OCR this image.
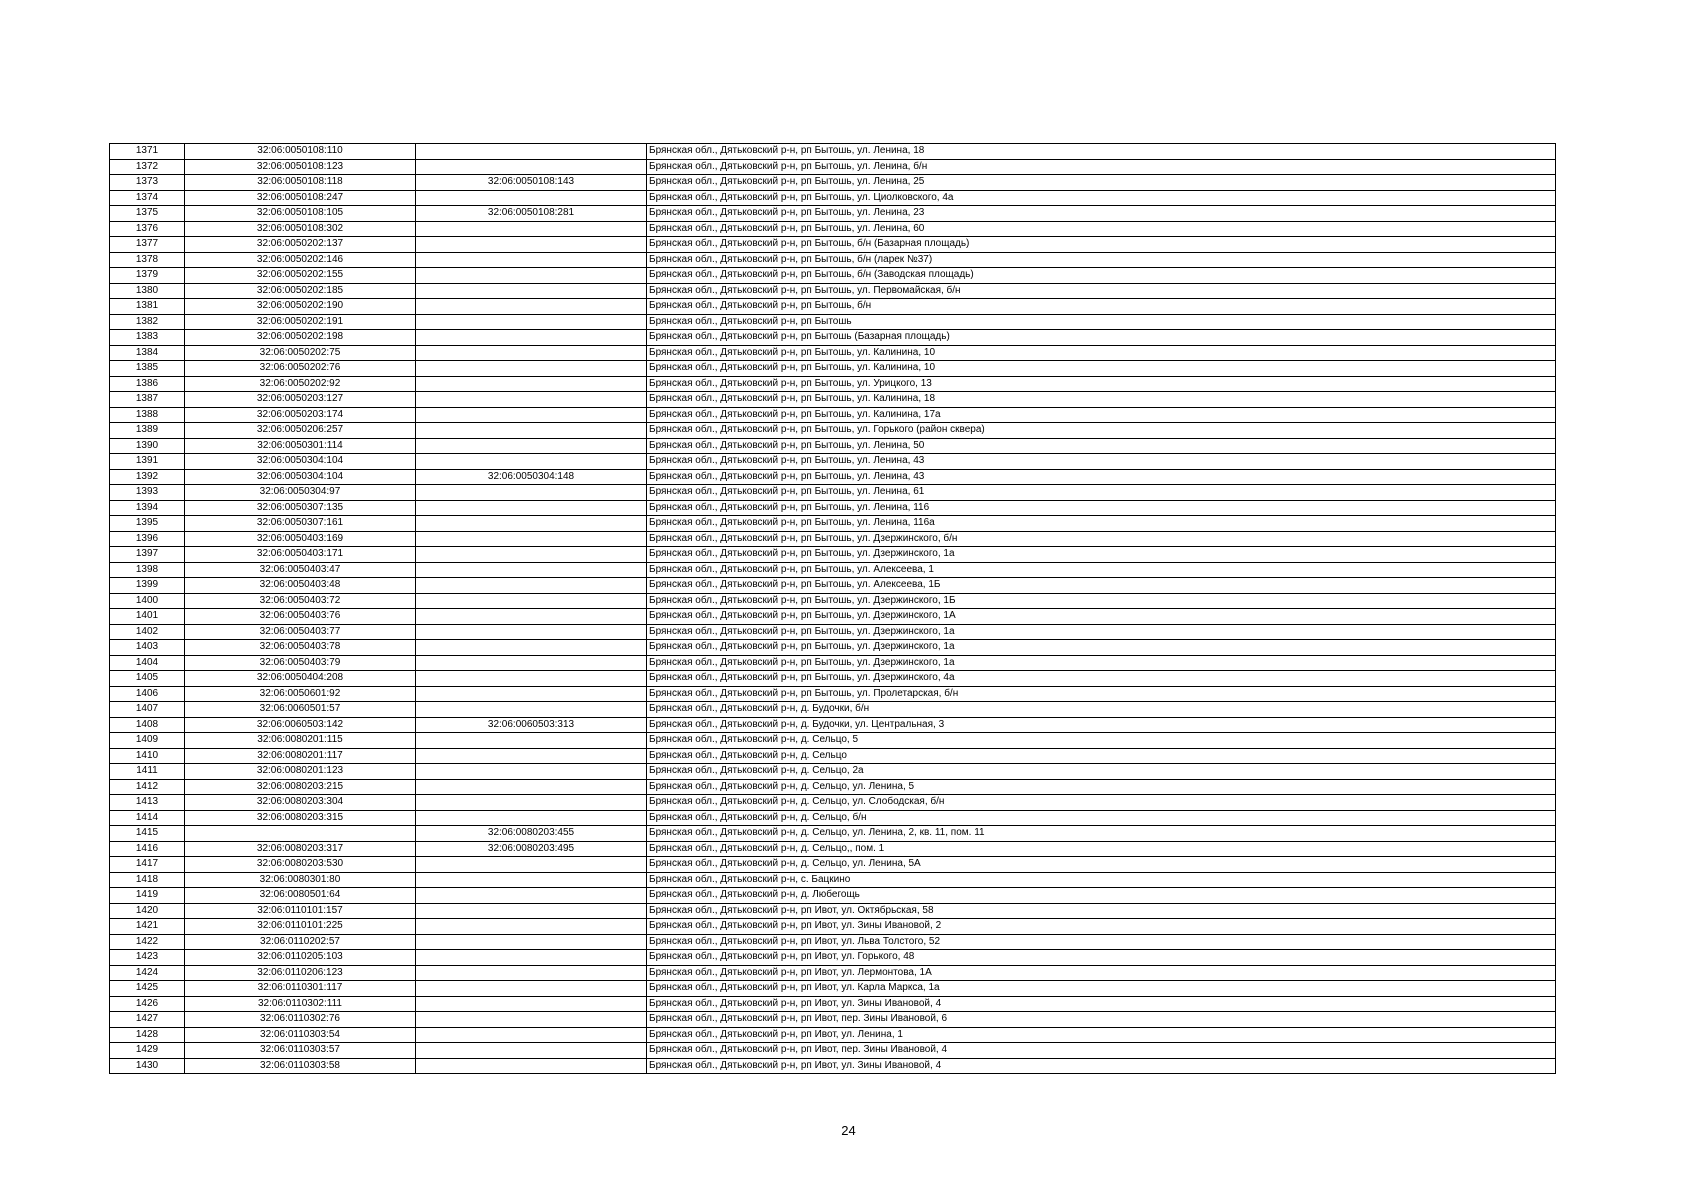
1371	32:06:0050108:110		Брянская обл., Дятьковский р-н, рп Бытошь, ул. Ленина, 18
1372	32:06:0050108:123		Брянская обл., Дятьковский р-н, рп Бытошь, ул. Ленина, б/н
1373	32:06:0050108:118	32:06:0050108:143	Брянская обл., Дятьковский р-н, рп Бытошь, ул. Ленина, 25
1374	32:06:0050108:247		Брянская обл., Дятьковский р-н, рп Бытошь, ул. Циолковского, 4а
1375	32:06:0050108:105	32:06:0050108:281	Брянская обл., Дятьковский р-н, рп Бытошь, ул. Ленина, 23
1376	32:06:0050108:302		Брянская обл., Дятьковский р-н, рп Бытошь, ул. Ленина, 60
1377	32:06:0050202:137		Брянская обл., Дятьковский р-н, рп Бытошь, б/н (Базарная площадь)
1378	32:06:0050202:146		Брянская обл., Дятьковский р-н, рп Бытошь, б/н (ларек №37)
1379	32:06:0050202:155		Брянская обл., Дятьковский р-н, рп Бытошь, б/н (Заводская площадь)
1380	32:06:0050202:185		Брянская обл., Дятьковский р-н, рп Бытошь, ул. Первомайская, б/н
1381	32:06:0050202:190		Брянская обл., Дятьковский р-н, рп Бытошь, б/н
1382	32:06:0050202:191		Брянская обл., Дятьковский р-н, рп Бытошь
1383	32:06:0050202:198		Брянская обл., Дятьковский р-н, рп Бытошь (Базарная площадь)
1384	32:06:0050202:75		Брянская обл., Дятьковский р-н, рп Бытошь, ул. Калинина, 10
1385	32:06:0050202:76		Брянская обл., Дятьковский р-н, рп Бытошь, ул. Калинина, 10
1386	32:06:0050202:92		Брянская обл., Дятьковский р-н, рп Бытошь, ул. Урицкого, 13
1387	32:06:0050203:127		Брянская обл., Дятьковский р-н, рп Бытошь, ул. Калинина, 18
1388	32:06:0050203:174		Брянская обл., Дятьковский р-н, рп Бытошь, ул. Калинина, 17а
1389	32:06:0050206:257		Брянская обл., Дятьковский р-н, рп Бытошь, ул. Горького (район сквера)
1390	32:06:0050301:114		Брянская обл., Дятьковский р-н, рп Бытошь, ул. Ленина, 50
1391	32:06:0050304:104		Брянская обл., Дятьковский р-н, рп Бытошь, ул. Ленина, 43
1392	32:06:0050304:104	32:06:0050304:148	Брянская обл., Дятьковский р-н, рп Бытошь, ул. Ленина, 43
1393	32:06:0050304:97		Брянская обл., Дятьковский р-н, рп Бытошь, ул. Ленина, 61
1394	32:06:0050307:135		Брянская обл., Дятьковский р-н, рп Бытошь, ул. Ленина, 116
1395	32:06:0050307:161		Брянская обл., Дятьковский р-н, рп Бытошь, ул. Ленина, 116а
1396	32:06:0050403:169		Брянская обл., Дятьковский р-н, рп Бытошь, ул. Дзержинского, б/н
1397	32:06:0050403:171		Брянская обл., Дятьковский р-н, рп Бытошь, ул. Дзержинского, 1а
1398	32:06:0050403:47		Брянская обл., Дятьковский р-н, рп Бытошь, ул. Алексеева, 1
1399	32:06:0050403:48		Брянская обл., Дятьковский р-н, рп Бытошь, ул. Алексеева, 1Б
1400	32:06:0050403:72		Брянская обл., Дятьковский р-н, рп Бытошь, ул. Дзержинского, 1Б
1401	32:06:0050403:76		Брянская обл., Дятьковский р-н, рп Бытошь, ул. Дзержинского, 1А
1402	32:06:0050403:77		Брянская обл., Дятьковский р-н, рп Бытошь, ул. Дзержинского, 1а
1403	32:06:0050403:78		Брянская обл., Дятьковский р-н, рп Бытошь, ул. Дзержинского, 1а
1404	32:06:0050403:79		Брянская обл., Дятьковский р-н, рп Бытошь, ул. Дзержинского, 1а
1405	32:06:0050404:208		Брянская обл., Дятьковский р-н, рп Бытошь, ул. Дзержинского, 4а
1406	32:06:0050601:92		Брянская обл., Дятьковский р-н, рп Бытошь, ул. Пролетарская, б/н
1407	32:06:0060501:57		Брянская обл., Дятьковский р-н, д. Будочки, б/н
1408	32:06:0060503:142	32:06:0060503:313	Брянская обл., Дятьковский р-н, д. Будочки, ул. Центральная, 3
1409	32:06:0080201:115		Брянская обл., Дятьковский р-н, д. Сельцо, 5
1410	32:06:0080201:117		Брянская обл., Дятьковский р-н, д. Сельцо
1411	32:06:0080201:123		Брянская обл., Дятьковский р-н, д. Сельцо, 2а
1412	32:06:0080203:215		Брянская обл., Дятьковский р-н, д. Сельцо, ул. Ленина, 5
1413	32:06:0080203:304		Брянская обл., Дятьковский р-н, д. Сельцо, ул. Слободская, б/н
1414	32:06:0080203:315		Брянская обл., Дятьковский р-н, д. Сельцо, б/н
1415		32:06:0080203:455	Брянская обл., Дятьковский р-н, д. Сельцо, ул. Ленина, 2, кв. 11, пом. 11
1416	32:06:0080203:317	32:06:0080203:495	Брянская обл., Дятьковский р-н, д. Сельцо,, пом. 1
1417	32:06:0080203:530		Брянская обл., Дятьковский р-н, д. Сельцо, ул. Ленина, 5А
1418	32:06:0080301:80		Брянская обл., Дятьковский р-н, с. Бацкино
1419	32:06:0080501:64		Брянская обл., Дятьковский р-н, д. Любегощь
1420	32:06:0110101:157		Брянская обл., Дятьковский р-н, рп Ивот, ул. Октябрьская, 58
1421	32:06:0110101:225		Брянская обл., Дятьковский р-н, рп Ивот, ул. Зины Ивановой, 2
1422	32:06:0110202:57		Брянская обл., Дятьковский р-н, рп Ивот, ул. Льва Толстого, 52
1423	32:06:0110205:103		Брянская обл., Дятьковский р-н, рп Ивот, ул. Горького, 48
1424	32:06:0110206:123		Брянская обл., Дятьковский р-н, рп Ивот, ул. Лермонтова, 1А
1425	32:06:0110301:117		Брянская обл., Дятьковский р-н, рп Ивот, ул. Карла Маркса, 1а
1426	32:06:0110302:111		Брянская обл., Дятьковский р-н, рп Ивот, ул. Зины Ивановой, 4
1427	32:06:0110302:76		Брянская обл., Дятьковский р-н, рп Ивот, пер. Зины Ивановой, 6
1428	32:06:0110303:54		Брянская обл., Дятьковский р-н, рп Ивот, ул. Ленина, 1
1429	32:06:0110303:57		Брянская обл., Дятьковский р-н, рп Ивот, пер. Зины Ивановой, 4
1430	32:06:0110303:58		Брянская обл., Дятьковский р-н, рп Ивот, ул. Зины Ивановой, 4
24
